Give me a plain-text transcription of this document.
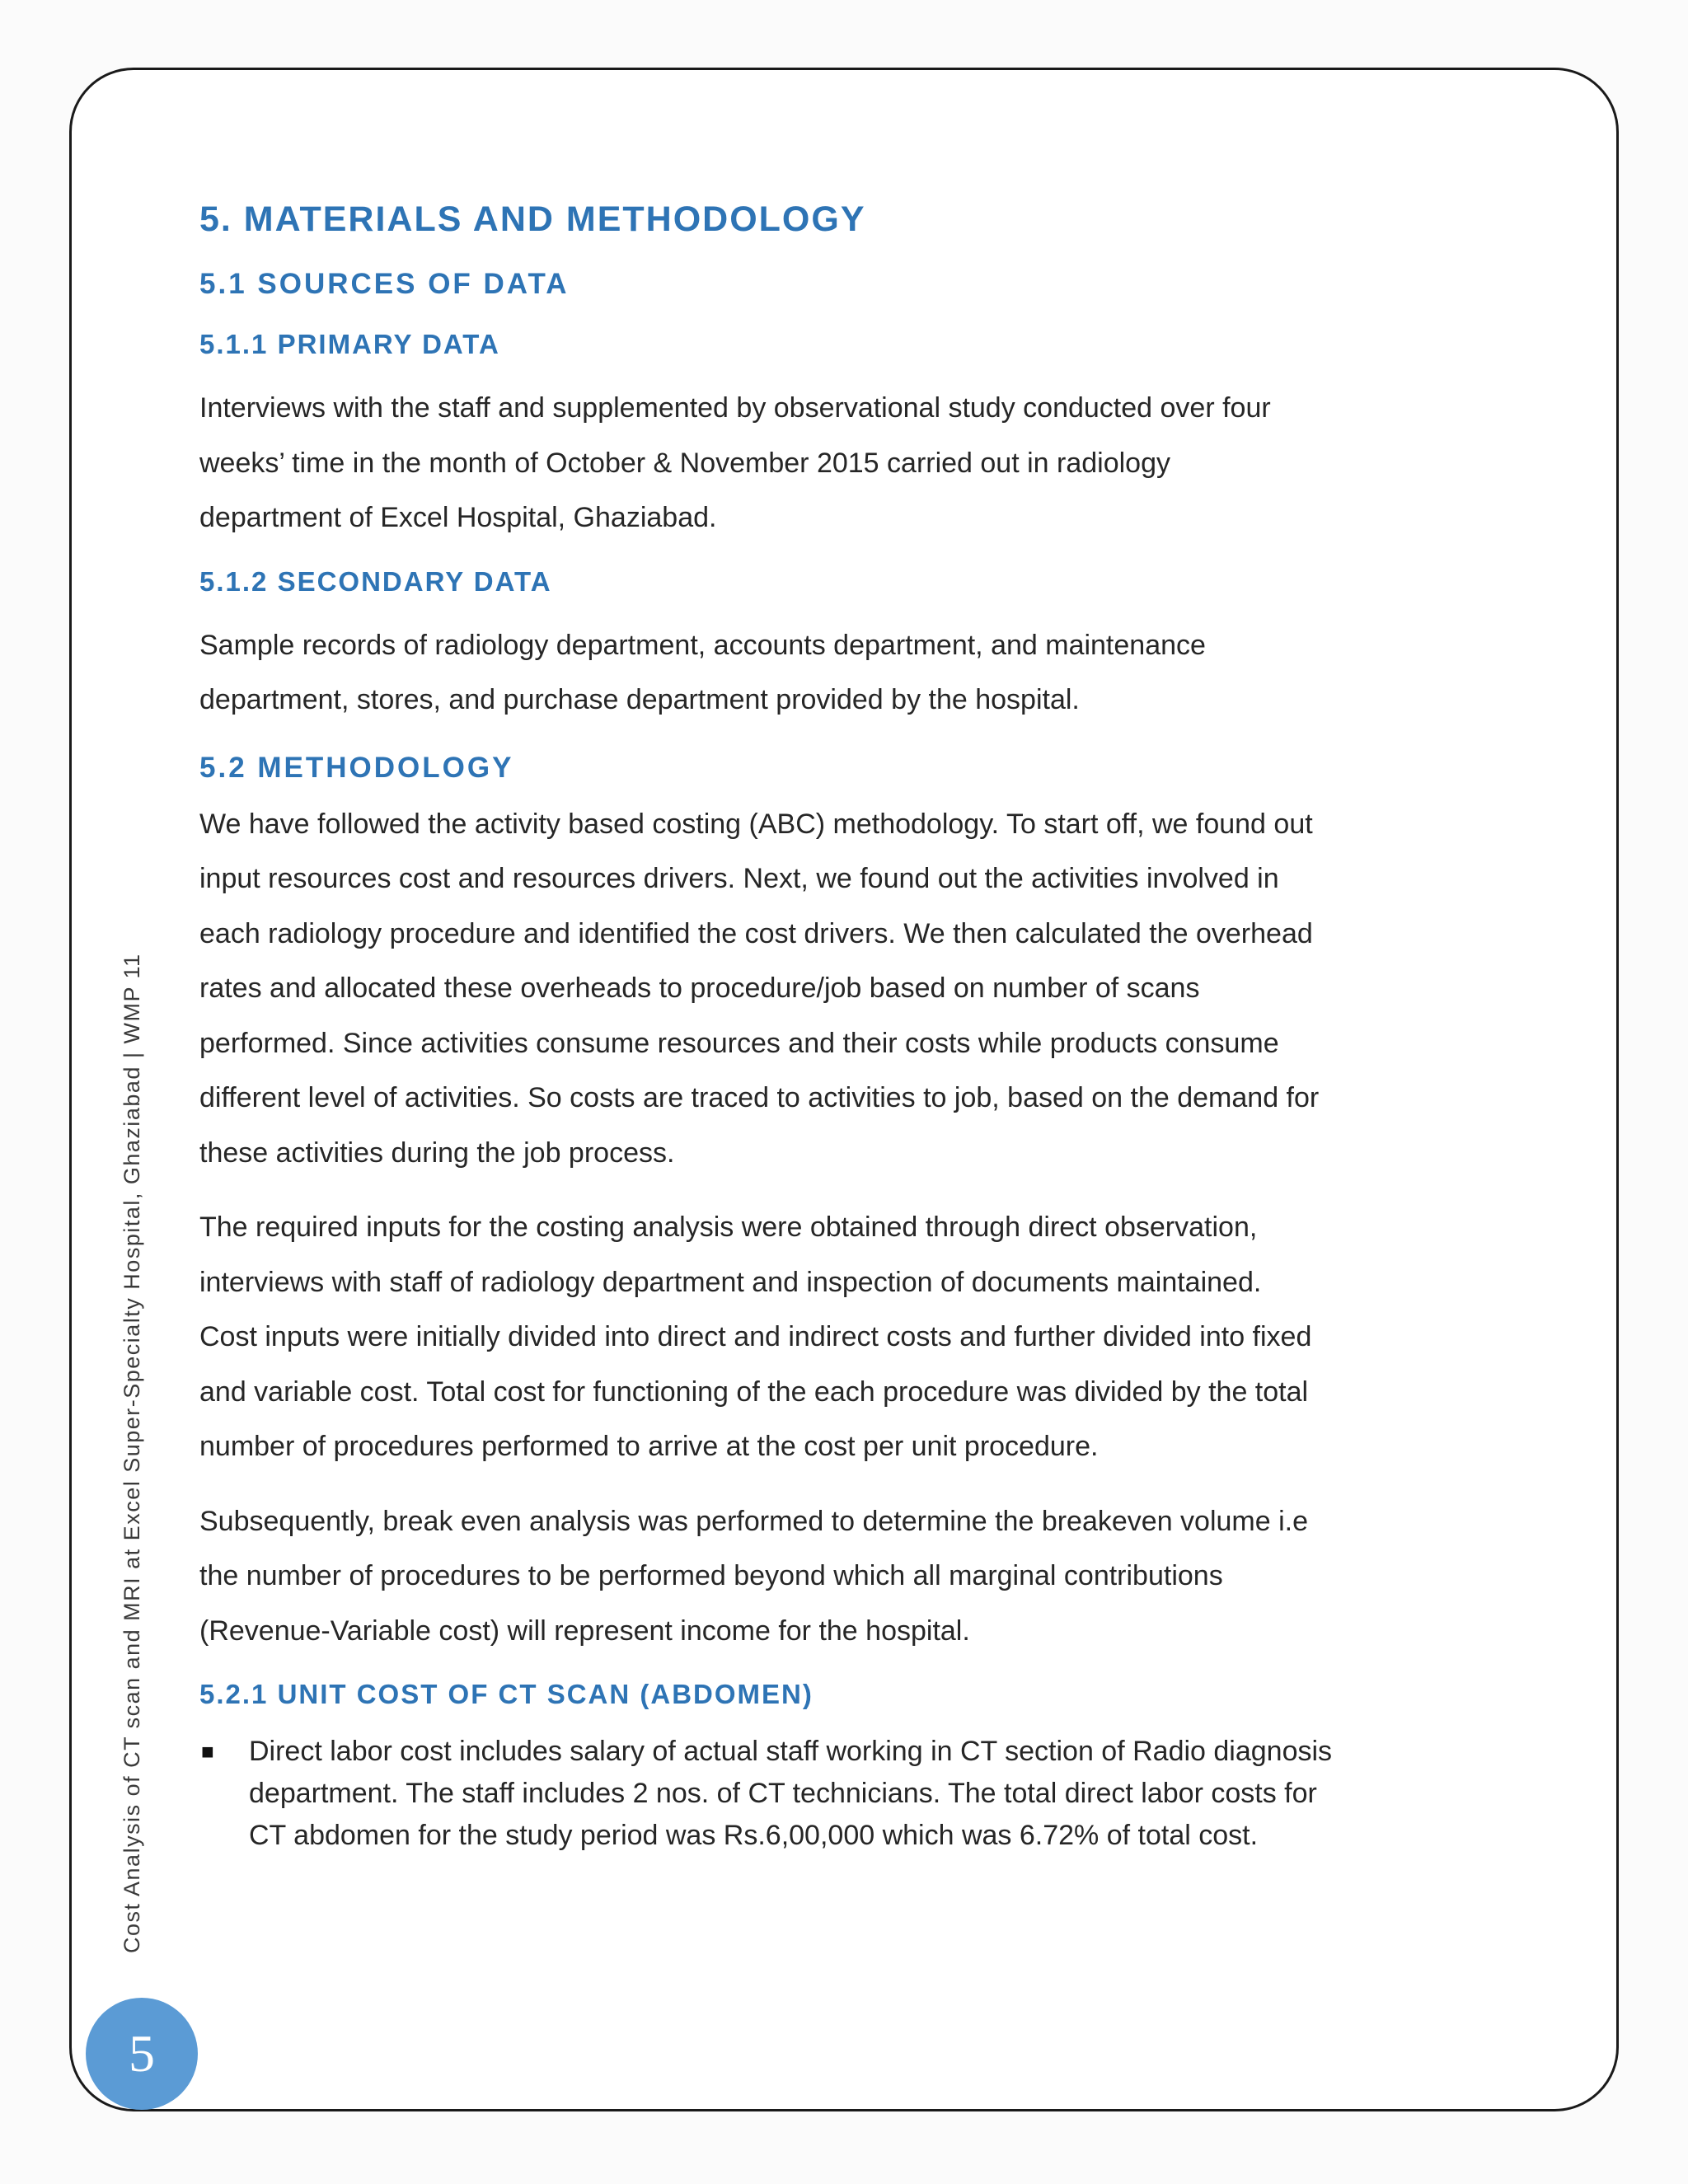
Cost Analysis of CT scan and MRI at Excel Super-Specialty Hospital, Ghaziabad | WMP 11
5
5. MATERIALS AND METHODOLOGY
5.1 SOURCES OF DATA
5.1.1 PRIMARY DATA
Interviews with the staff and supplemented by observational study conducted over four
weeks’ time in the month of October & November 2015 carried out in radiology
department of Excel Hospital, Ghaziabad.
5.1.2 SECONDARY DATA
Sample records of radiology department, accounts department, and maintenance
department, stores, and purchase department provided by the hospital.
5.2 METHODOLOGY
We have followed the activity based costing (ABC) methodology. To start off, we found out
input resources cost and resources drivers. Next, we found out the activities involved in
each radiology procedure and identified the cost drivers. We then calculated the overhead
rates and allocated these overheads to procedure/job based on number of scans
performed. Since activities consume resources and their costs while products consume
different level of activities. So costs are traced to activities to job, based on the demand for
these activities during the job process.
The required inputs for the costing analysis were obtained through direct observation,
interviews with staff of radiology department and inspection of documents maintained.
Cost inputs were initially divided into direct and indirect costs and further divided into fixed
and variable cost. Total cost for functioning of the each procedure was divided by the total
number of procedures performed to arrive at the cost per unit procedure.
Subsequently, break even analysis was performed to determine the breakeven volume i.e
the number of procedures to be performed beyond which all marginal contributions
(Revenue-Variable cost) will represent income for the hospital.
5.2.1 UNIT COST OF CT SCAN (ABDOMEN)
■ Direct labor cost includes salary of actual staff working in CT section of Radio diagnosis
department. The staff includes 2 nos. of CT technicians. The total direct labor costs for
CT abdomen for the study period was Rs.6,00,000 which was 6.72% of total cost.
